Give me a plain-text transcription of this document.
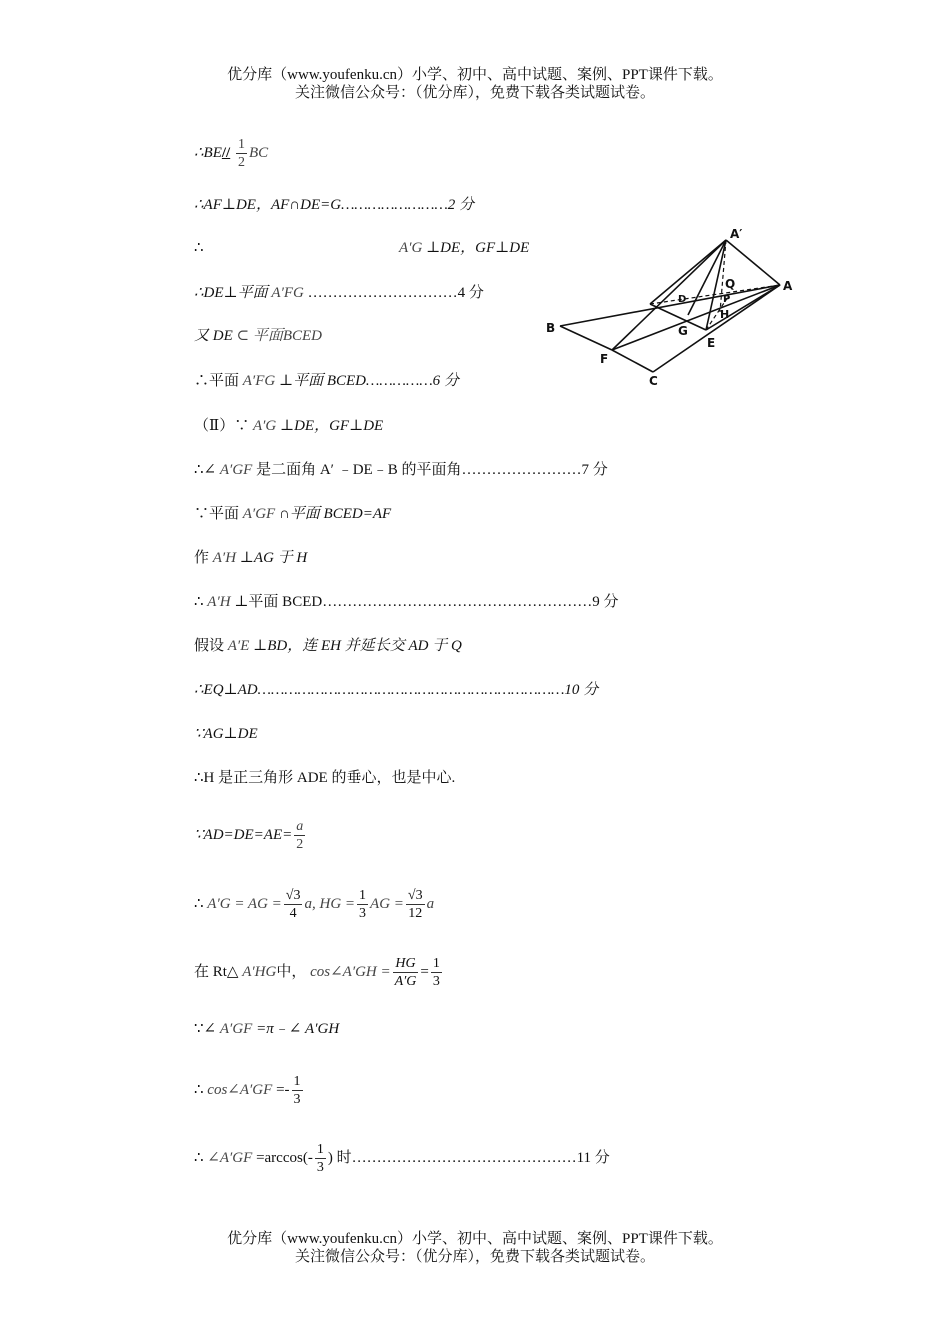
优分库（www.youfenku.cn）小学、初中、高中试题、案例、PPT课件下载。
关注微信公众号：（优分库），免费下载各类试题试卷。
∴BE// $\frac{1}{2}$ BC
∴AF⊥DE，AF∩DE=G……………………2 分
∴	A′G ⊥DE，GF⊥DE
∴DE⊥平面 A′FG …………………………4 分
又 DE ⊂ 平面BCED
∴平面 A′FG ⊥平面 BCED……………6 分
（Ⅱ）∵ A′G ⊥DE，GF⊥DE
∴∠ A′GF 是二面角 A′ ﹣DE﹣B 的平面角……………………7 分
∵平面 A′GF ∩平面 BCED=AF
作 A′H ⊥AG 于 H
∴ A′H ⊥平面 BCED………………………………………………9 分
假设 A′E ⊥BD，连 EH 并延长交 AD 于 Q
∴EQ⊥AD……………………………………………………………10 分
∵AG⊥DE
∴H 是正三角形 ADE 的垂心，也是中心.
∵AD=DE=AE= $\frac{a}{2}$
∴ A′G = AG = $\frac{√3}{4} a$, HG = $\frac{1}{3}$ AG = $\frac{√3}{12}$ a
在 Rt△ A′HG中， cos∠A′GH = $\frac{HG}{A'G} = \frac{1}{3}$
∵∠ A′GF =π﹣∠ A′GH
∴ cos∠A′GF =- $\frac{1}{3}$
∴ ∠A′GF $=\arccos(- \frac{1}{3}$ ) 时………………………………………11 分
A′
A
Q
D	P
H
G
E
B
F
C
优分库（www.youfenku.cn）小学、初中、高中试题、案例、PPT课件下载。
关注微信公众号：（优分库），免费下载各类试题试卷。
